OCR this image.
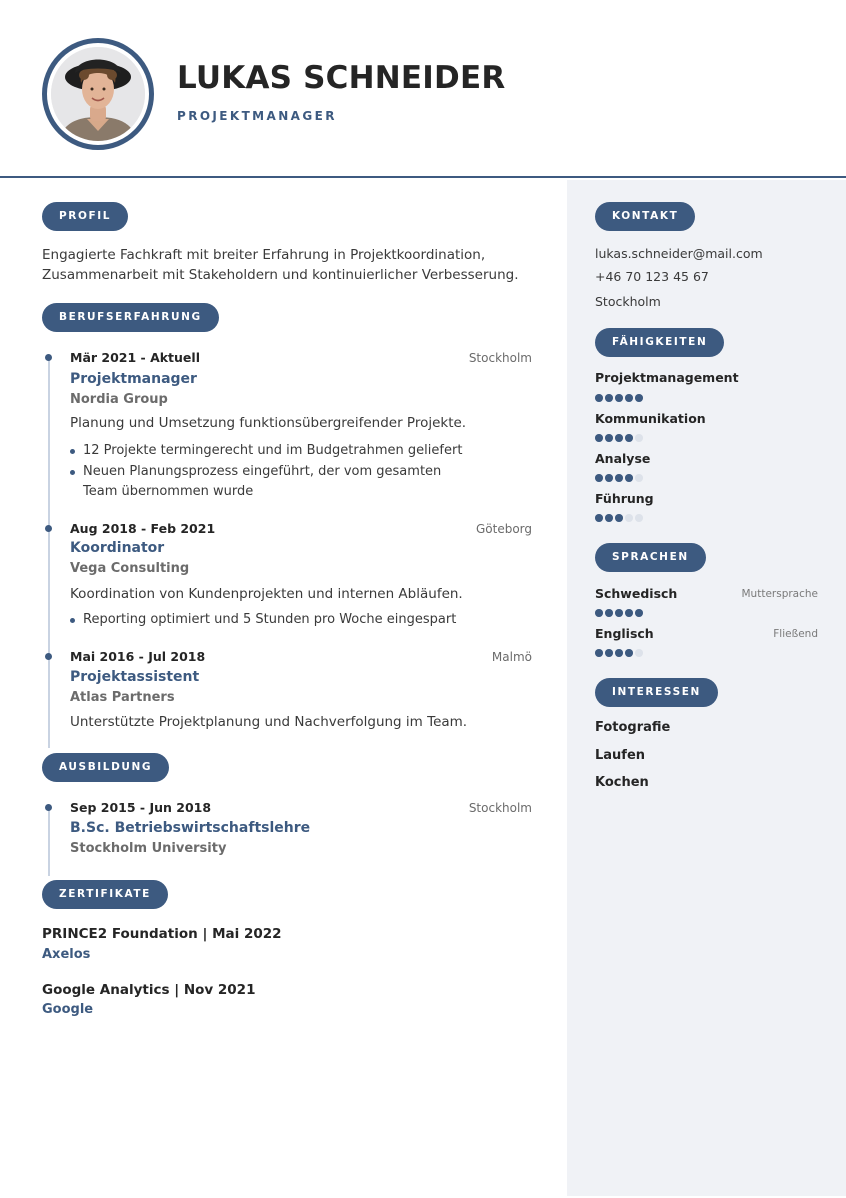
LUKAS SCHNEIDER
PROJEKTMANAGER
PROFIL
Engagierte Fachkraft mit breiter Erfahrung in Projektkoordination, Zusammenarbeit mit Stakeholdern und kontinuierlicher Verbesserung.
BERUFSERFAHRUNG
Mär 2021 - Aktuell	Stockholm
Projektmanager
Nordia Group
Planung und Umsetzung funktionsübergreifender Projekte.
12 Projekte termingerecht und im Budgetrahmen geliefert
Neuen Planungsprozess eingeführt, der vom gesamten Team übernommen wurde
Aug 2018 - Feb 2021	Göteborg
Koordinator
Vega Consulting
Koordination von Kundenprojekten und internen Abläufen.
Reporting optimiert und 5 Stunden pro Woche eingespart
Mai 2016 - Jul 2018	Malmö
Projektassistent
Atlas Partners
Unterstützte Projektplanung und Nachverfolgung im Team.
AUSBILDUNG
Sep 2015 - Jun 2018	Stockholm
B.Sc. Betriebswirtschaftslehre
Stockholm University
ZERTIFIKATE
PRINCE2 Foundation | Mai 2022
Axelos
Google Analytics | Nov 2021
Google
KONTAKT
lukas.schneider@mail.com
+46 70 123 45 67
Stockholm
FÄHIGKEITEN
Projektmanagement
Kommunikation
Analyse
Führung
SPRACHEN
Schwedisch	Muttersprache
Englisch	Fließend
INTERESSEN
Fotografie
Laufen
Kochen
